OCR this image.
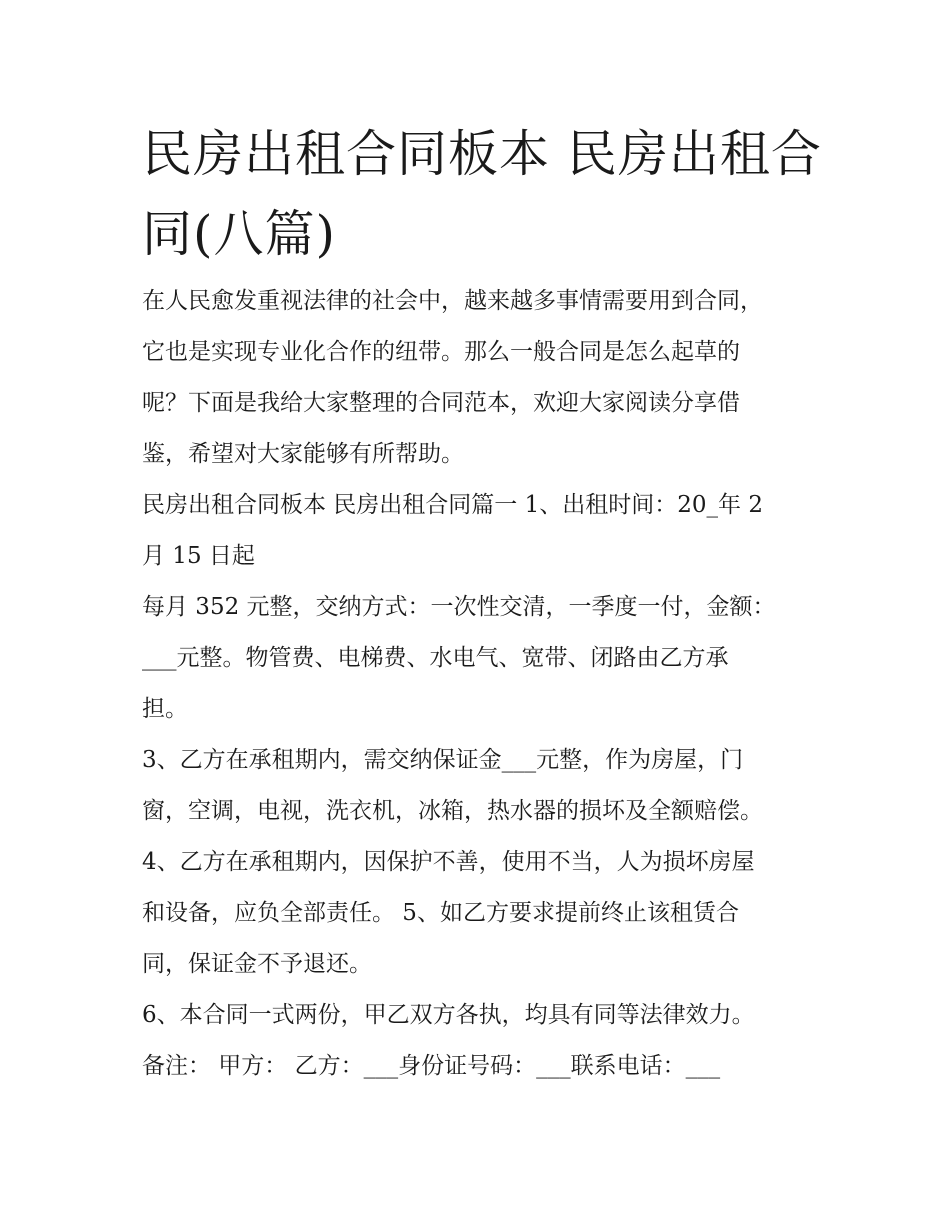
民房出租合同板本 民房出租合
同(八篇)
在人民愈发重视法律的社会中，越来越多事情需要用到合同，
它也是实现专业化合作的纽带。那么一般合同是怎么起草的
呢？下面是我给大家整理的合同范本，欢迎大家阅读分享借
鉴，希望对大家能够有所帮助。
民房出租合同板本 民房出租合同篇一 1、出租时间：20_年 2
月 15 日起
每月 352 元整，交纳方式：一次性交清，一季度一付，金额：
___元整。物管费、电梯费、水电气、宽带、闭路由乙方承
担。
3、乙方在承租期内，需交纳保证金___元整，作为房屋，门
窗，空调，电视，洗衣机，冰箱，热水器的损坏及全额赔偿。
4、乙方在承租期内，因保护不善，使用不当，人为损坏房屋
和设备，应负全部责任。 5、如乙方要求提前终止该租赁合
同，保证金不予退还。
6、本合同一式两份，甲乙双方各执，均具有同等法律效力。
备注： 甲方： 乙方：___身份证号码：___联系电话：___
